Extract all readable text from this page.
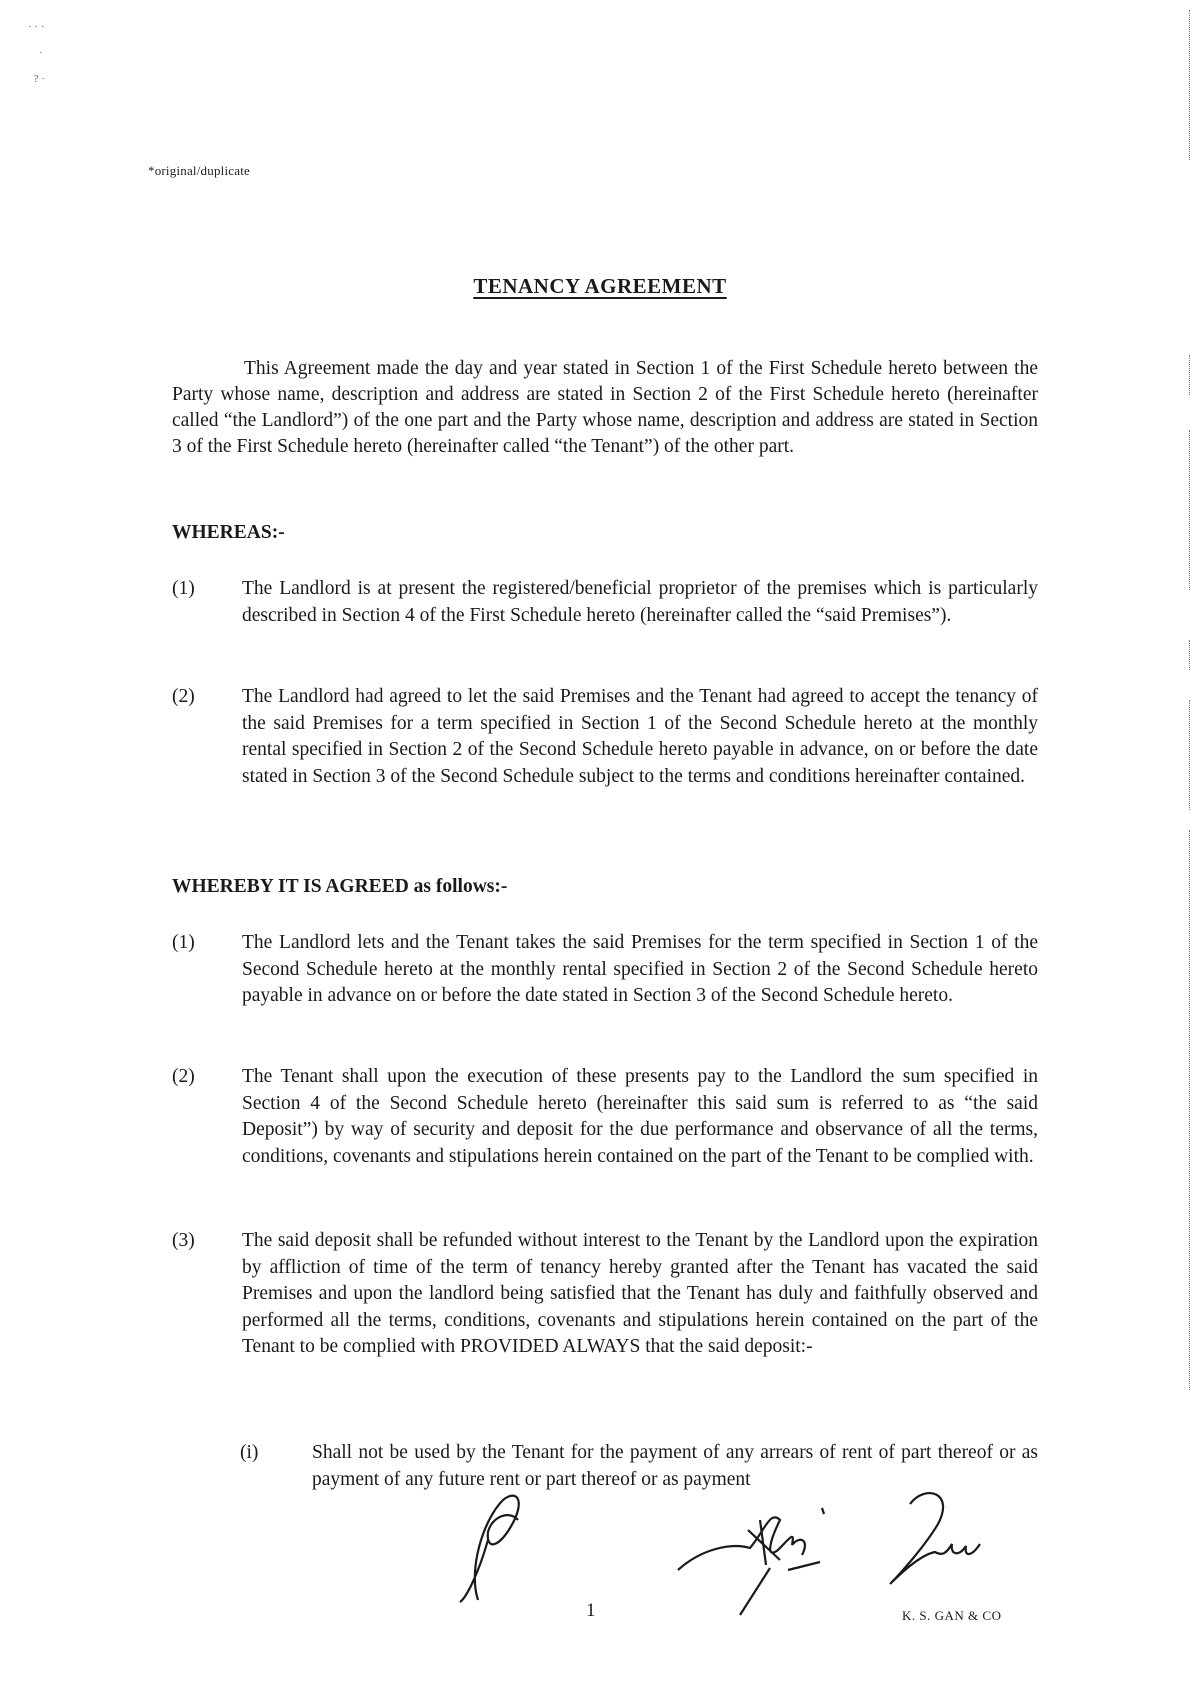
· · ·
·
? ·
*original/duplicate
TENANCY AGREEMENT
This Agreement made the day and year stated in Section 1 of the First Schedule hereto between the Party whose name, description and address are stated in Section 2 of the First Schedule hereto (hereinafter called “the Landlord”) of the one part and the Party whose name, description and address are stated in Section 3 of the First Schedule hereto (hereinafter called “the Tenant”) of the other part.
WHEREAS:-
(1) The Landlord is at present the registered/beneficial proprietor of the premises which is particularly described in Section 4 of the First Schedule hereto (hereinafter called the “said Premises”).
(2) The Landlord had agreed to let the said Premises and the Tenant had agreed to accept the tenancy of the said Premises for a term specified in Section 1 of the Second Schedule hereto at the monthly rental specified in Section 2 of the Second Schedule hereto payable in advance, on or before the date stated in Section 3 of the Second Schedule subject to the terms and conditions hereinafter contained.
WHEREBY IT IS AGREED as follows:-
(1) The Landlord lets and the Tenant takes the said Premises for the term specified in Section 1 of the Second Schedule hereto at the monthly rental specified in Section 2 of the Second Schedule hereto payable in advance on or before the date stated in Section 3 of the Second Schedule hereto.
(2) The Tenant shall upon the execution of these presents pay to the Landlord the sum specified in Section 4 of the Second Schedule hereto (hereinafter this said sum is referred to as “the said Deposit”) by way of security and deposit for the due performance and observance of all the terms, conditions, covenants and stipulations herein contained on the part of the Tenant to be complied with.
(3) The said deposit shall be refunded without interest to the Tenant by the Landlord upon the expiration by affliction of time of the term of tenancy hereby granted after the Tenant has vacated the said Premises and upon the landlord being satisfied that the Tenant has duly and faithfully observed and performed all the terms, conditions, covenants and stipulations herein contained on the part of the Tenant to be complied with PROVIDED ALWAYS that the said deposit:-
(i)	Shall not be used by the Tenant for the payment of any arrears of rent of part thereof or as payment of any future rent or part thereof or as payment
1	K. S. GAN & CO
